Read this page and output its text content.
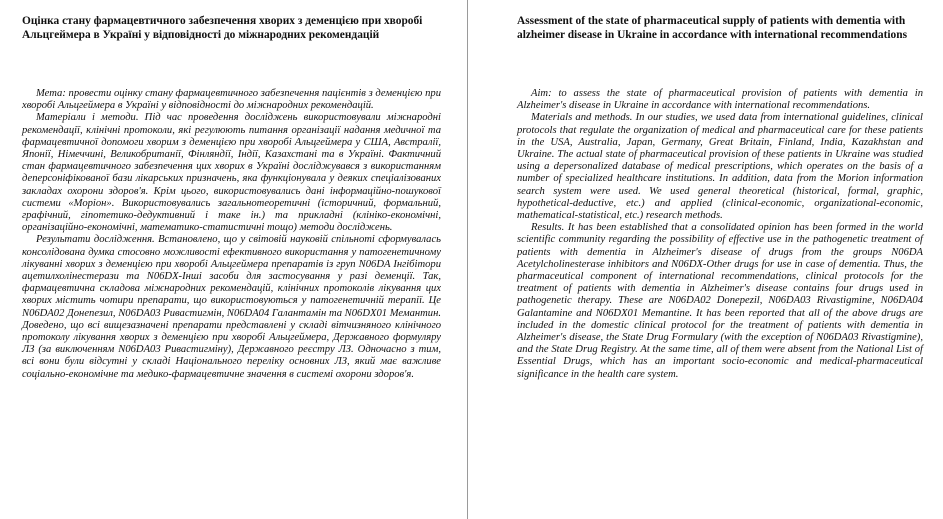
Оцінка стану фармацевтичного забезпечення хворих з деменцією при хворобі Альцгеймера в Україні у відповідності до міжнародних рекомендацій

Мета: провести оцінку стану фармацевтичного забезпечення пацієнтів з деменцією при хворобі Альцгеймера в Україні у відповідності до міжнародних рекомендацій.

Матеріали і методи. Під час проведення досліджень використовували міжнародні рекомендації, клінічні протоколи, які регулюють питання організації надання медичної та фармацевтичної допомоги хворим з деменцією при хворобі Альцгеймера у США, Австралії, Японії, Німеччині, Великобританії, Фінляндії, Індії, Казахстані та в Україні. Фактичний стан фармацевтичного забезпечення цих хворих в Україні досліджувався з використанням деперсоніфікованої бази лікарських призначень, яка функціонувала у деяких спеціалізованих закладах охорони здоров'я. Крім цього, використовувались дані інформаційно-пошукової системи «Моріон». Використовувались загальнотеоретичні (історичний, формальний, графічний, гіпотетико-дедуктивний і таке ін.) та прикладні (клініко-економічні, організаційно-економічні, математико-статистичні тощо) методи досліджень.

Результати дослідження. Встановлено, що у світовій науковій спільноті сформувалась консолідована думка стосовно можливості ефективного використання у патогенетичному лікуванні хворих з деменцією при хворобі Альцгеймера препаратів із груп N06DA Інгібітори ацетилхолінестерази та N06DX-Інші засоби для застосування у разі деменції. Так, фармацевтична складова міжнародних рекомендацій, клінічних протоколів лікування цих хворих містить чотири препарати, що використовуються у патогенетичній терапії. Це N06DA02 Донепезил, N06DA03 Ривастигмін, N06DA04 Галантамін та N06DX01 Мемантин. Доведено, що всі вищезазначені препарати представлені у складі вітчизняного клінічного протоколу лікування хворих з деменцією при хворобі Альцгеймера, Державного формуляру ЛЗ (за виключенням N06DA03 Ривастигміну), Державного реєстру ЛЗ. Одночасно з тим, всі вони були відсутні у складі Національного переліку основних ЛЗ, який має важливе соціально-економічне та медико-фармацевтичне значення в системі охорони здоров'я.

Assessment of the state of pharmaceutical supply of patients with dementia with alzheimer disease in Ukraine in accordance with international recommendations

Aim: to assess the state of pharmaceutical provision of patients with dementia in Alzheimer's disease in Ukraine in accordance with international recommendations.

Materials and methods. In our studies, we used data from international guidelines, clinical protocols that regulate the organization of medical and pharmaceutical care for these patients in the USA, Australia, Japan, Germany, Great Britain, Finland, India, Kazakhstan and Ukraine. The actual state of pharmaceutical provision of these patients in Ukraine was studied using a depersonalized database of medical prescriptions, which operates on the basis of a number of specialized healthcare institutions. In addition, data from the Morion information search system were used. We used general theoretical (historical, formal, graphic, hypothetical-deductive, etc.) and applied (clinical-economic, organizational-economic, mathematical-statistical, etc.) research methods.

Results. It has been established that a consolidated opinion has been formed in the world scientific community regarding the possibility of effective use in the pathogenetic treatment of patients with dementia in Alzheimer's disease of drugs from the groups N06DA Acetylcholinesterase inhibitors and N06DX-Other drugs for use in case of dementia. Thus, the pharmaceutical component of international recommendations, clinical protocols for the treatment of patients with dementia in Alzheimer's disease contains four drugs used in pathogenetic therapy. These are N06DA02 Donepezil, N06DA03 Rivastigmine, N06DA04 Galantamine and N06DX01 Memantine. It has been reported that all of the above drugs are included in the domestic clinical protocol for the treatment of patients with dementia in Alzheimer's disease, the State Drug Formulary (with the exception of N06DA03 Rivastigmine), and the State Drug Registry. At the same time, all of them were absent from the National List of Essential Drugs, which has an important socio-economic and medical-pharmaceutical significance in the health care system.
